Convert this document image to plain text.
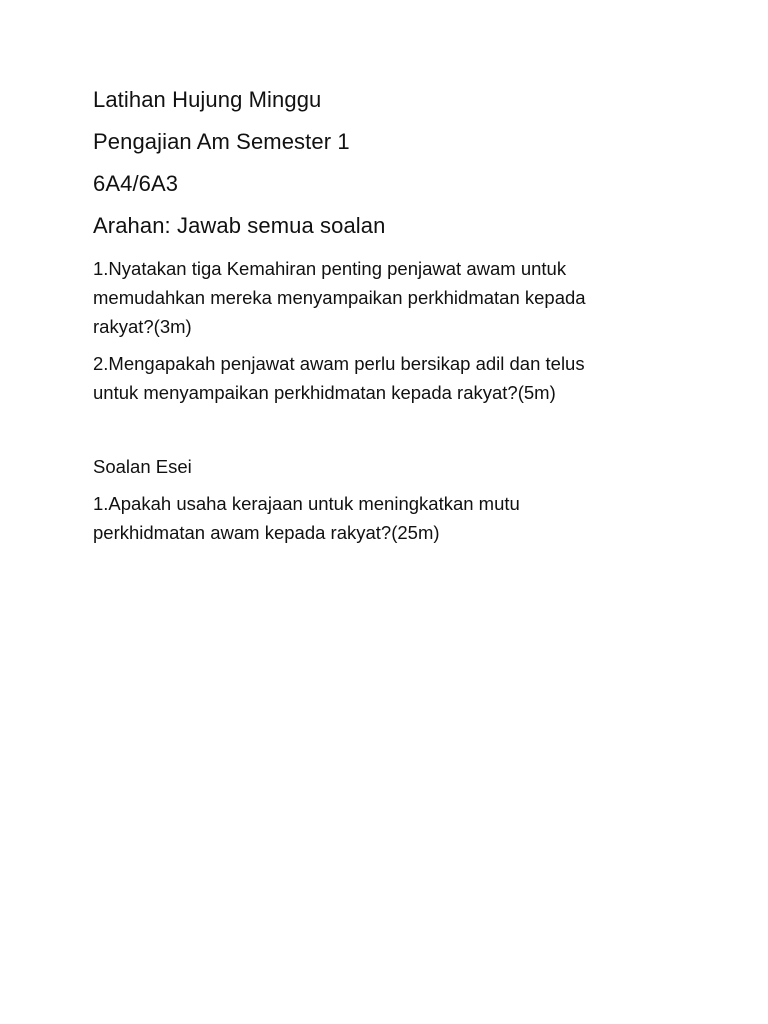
Latihan Hujung Minggu
Pengajian Am Semester 1
6A4/6A3
Arahan: Jawab semua soalan
1.Nyatakan tiga Kemahiran penting penjawat awam untuk
memudahkan mereka menyampaikan perkhidmatan kepada
rakyat?(3m)
2.Mengapakah penjawat awam perlu bersikap adil dan telus
untuk menyampaikan perkhidmatan kepada rakyat?(5m)
Soalan Esei
1.Apakah usaha kerajaan untuk meningkatkan mutu
perkhidmatan awam kepada rakyat?(25m)
